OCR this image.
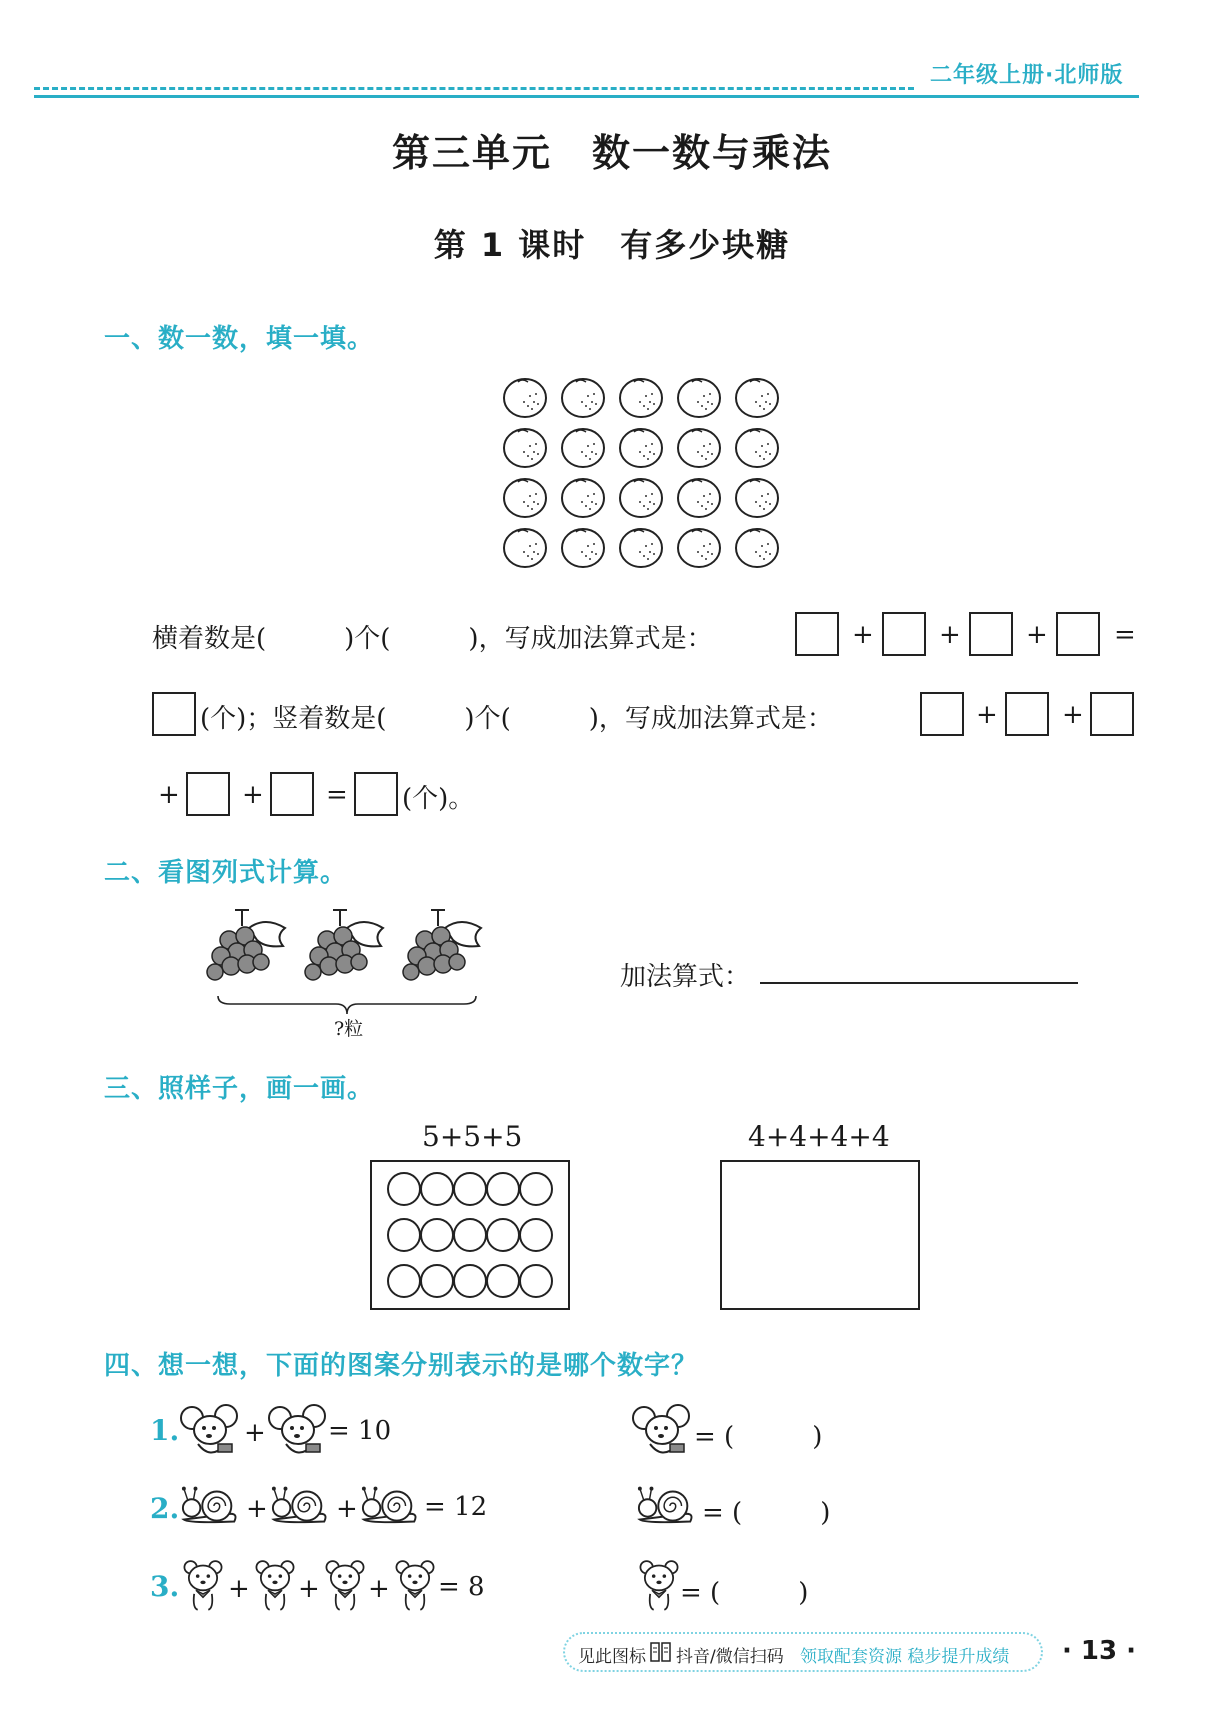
二年级上册·北师版
第三单元　数一数与乘法
第 1 课时　有多少块糖
一、数一数，填一填。
横着数是(　　　)个(　　　)，写成加法算式是：	+	+	+	=
(个)；竖着数是(　　　)个(　　　)，写成加法算式是：	+ +
+ + = (个)。
二、看图列式计算。
?粒
加法算式：
三、照样子，画一画。
5+5+5	4+4+4+4
四、想一想，下面的图案分别表示的是哪个数字？
1. + = 10	= (　　　)
2.	+	+	= 12	= (　　　)
3. + + + = 8	= (　　　)
见此图标 抖音/微信扫码 领取配套资源 稳步提升成绩 · 13 ·
